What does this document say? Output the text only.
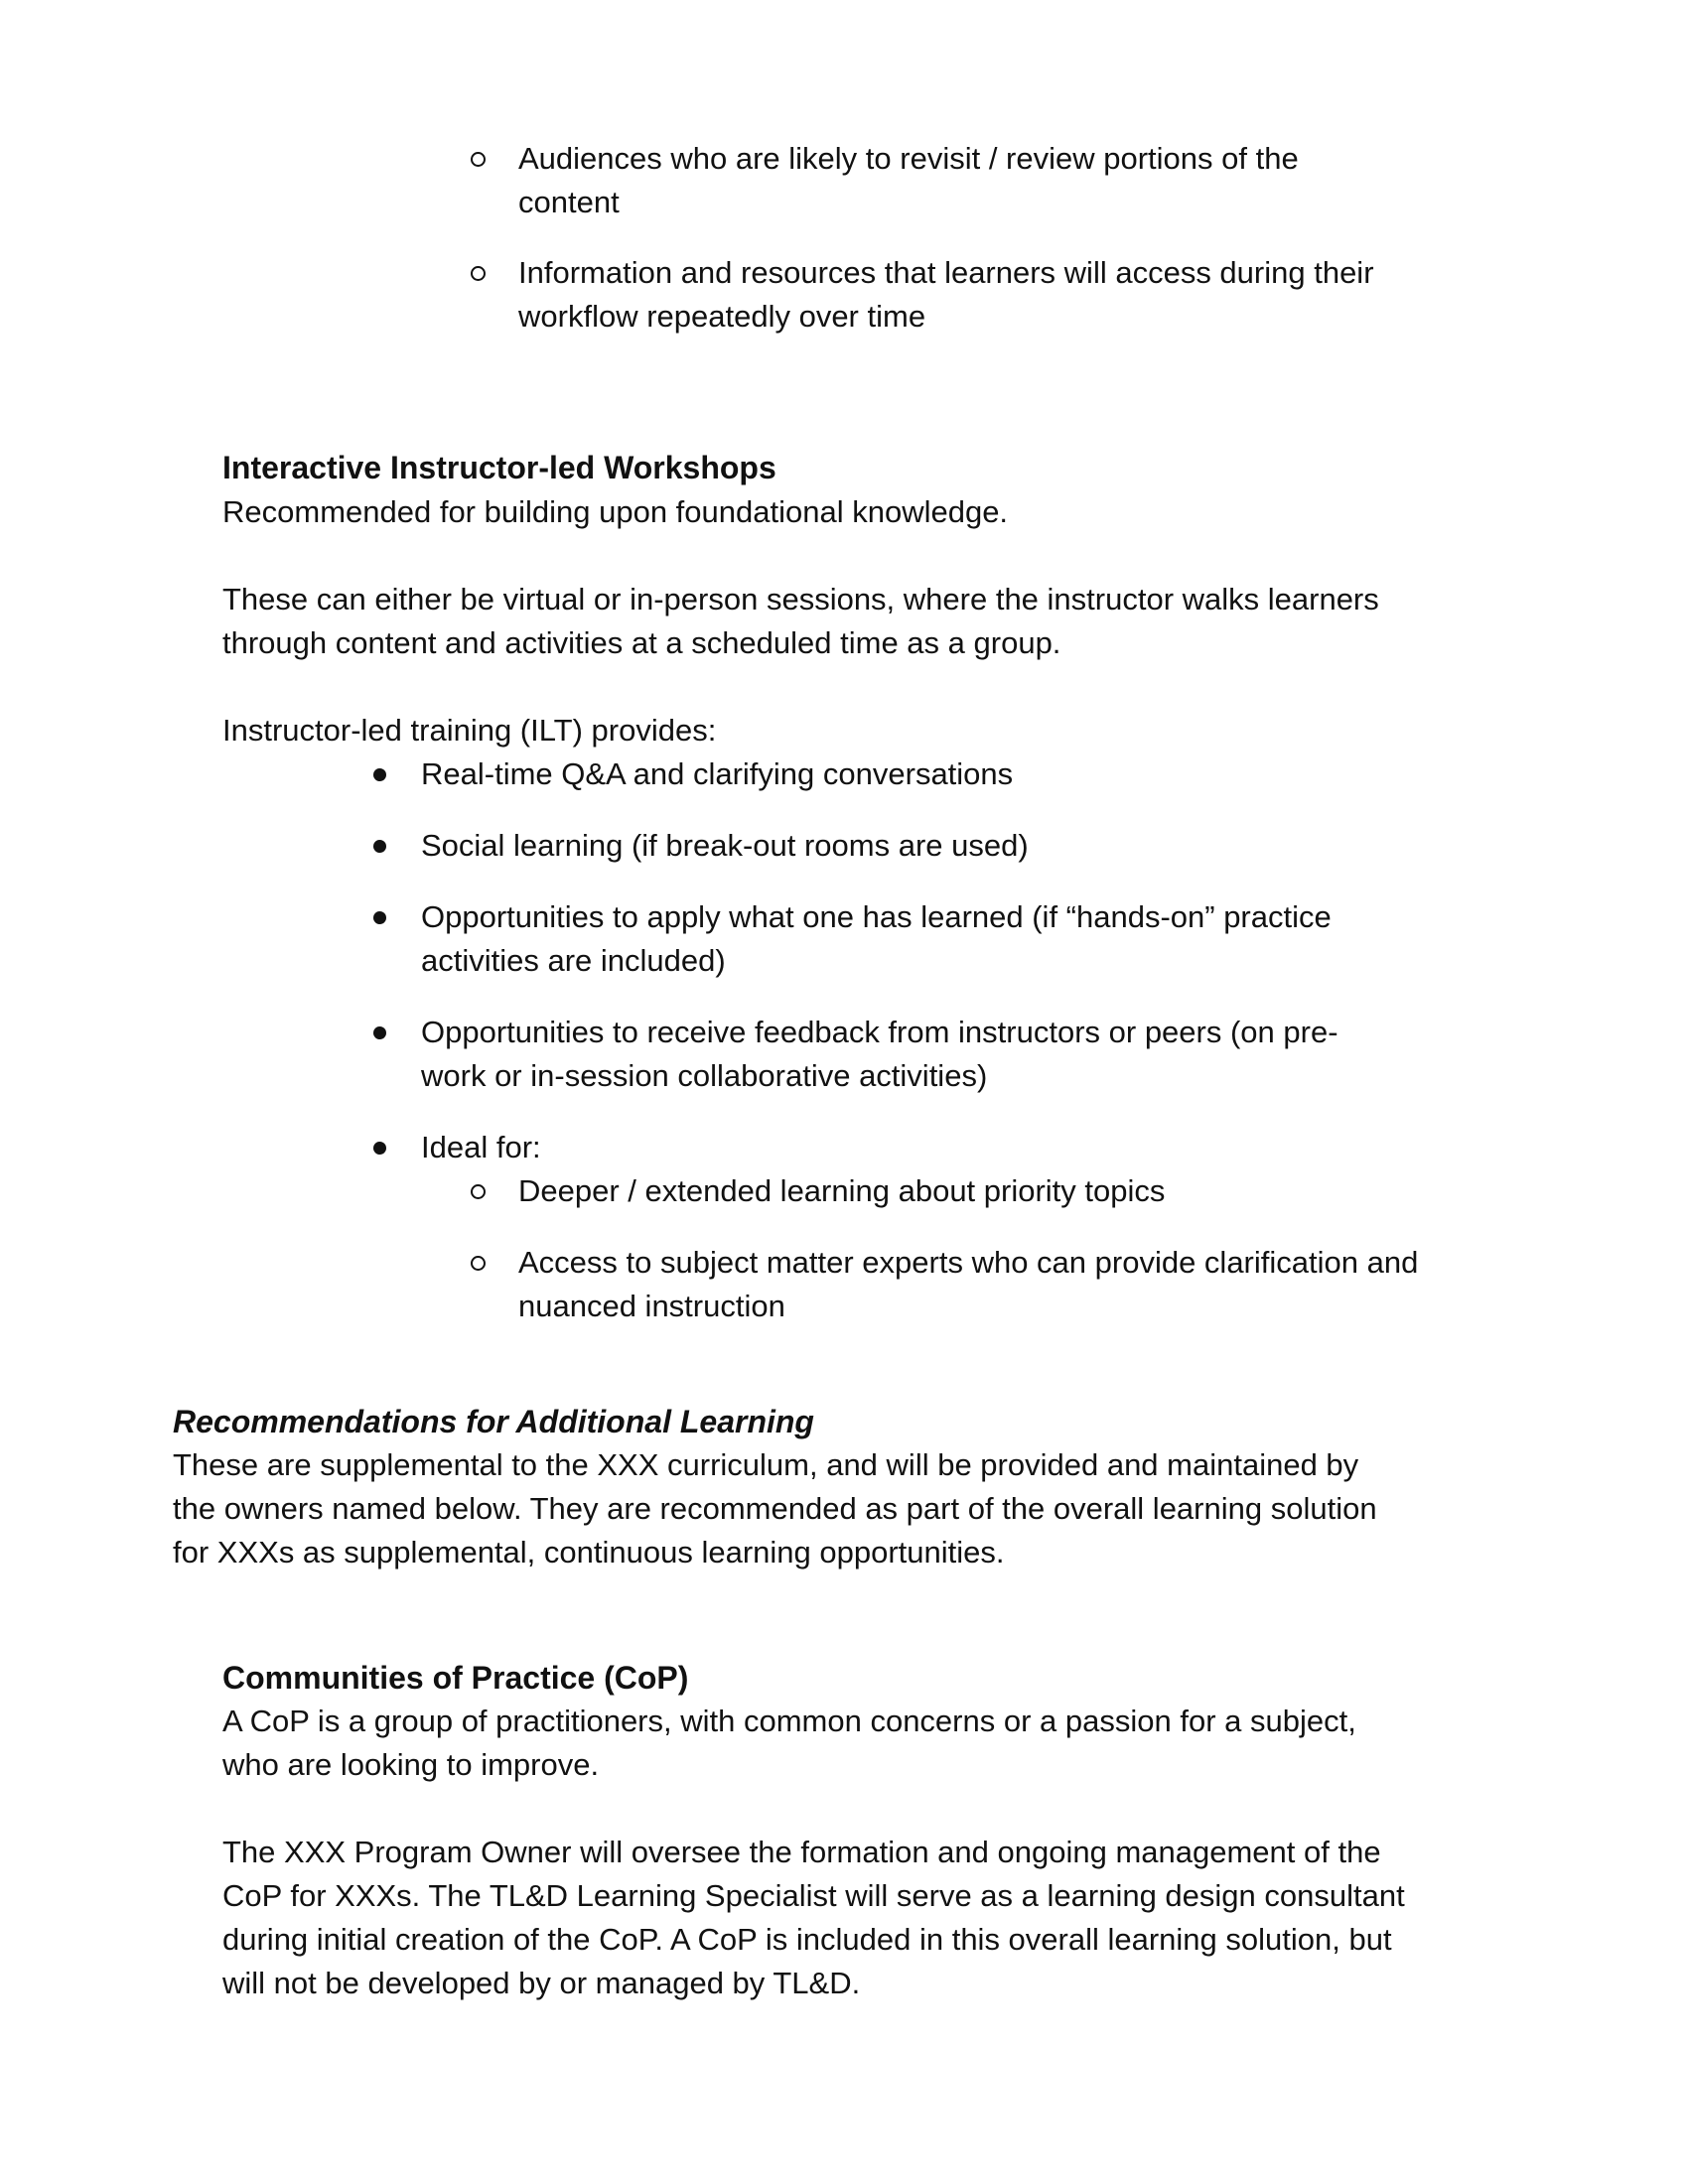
Audiences who are likely to revisit / review portions of the
content
Information and resources that learners will access during their
workflow repeatedly over time
Interactive Instructor-led Workshops
Recommended for building upon foundational knowledge.
These can either be virtual or in-person sessions, where the instructor walks learners
through content and activities at a scheduled time as a group.
Instructor-led training (ILT) provides:
Real-time Q&A and clarifying conversations
Social learning (if break-out rooms are used)
Opportunities to apply what one has learned (if “hands-on” practice
activities are included)
Opportunities to receive feedback from instructors or peers (on pre-
work or in-session collaborative activities)
Ideal for:
Deeper / extended learning about priority topics
Access to subject matter experts who can provide clarification and
nuanced instruction
Recommendations for Additional Learning
These are supplemental to the XXX curriculum, and will be provided and maintained by
the owners named below. They are recommended as part of the overall learning solution
for XXXs as supplemental, continuous learning opportunities.
Communities of Practice (CoP)
A CoP is a group of practitioners, with common concerns or a passion for a subject,
who are looking to improve.
The XXX Program Owner will oversee the formation and ongoing management of the
CoP for XXXs. The TL&D Learning Specialist will serve as a learning design consultant
during initial creation of the CoP. A CoP is included in this overall learning solution, but
will not be developed by or managed by TL&D.
